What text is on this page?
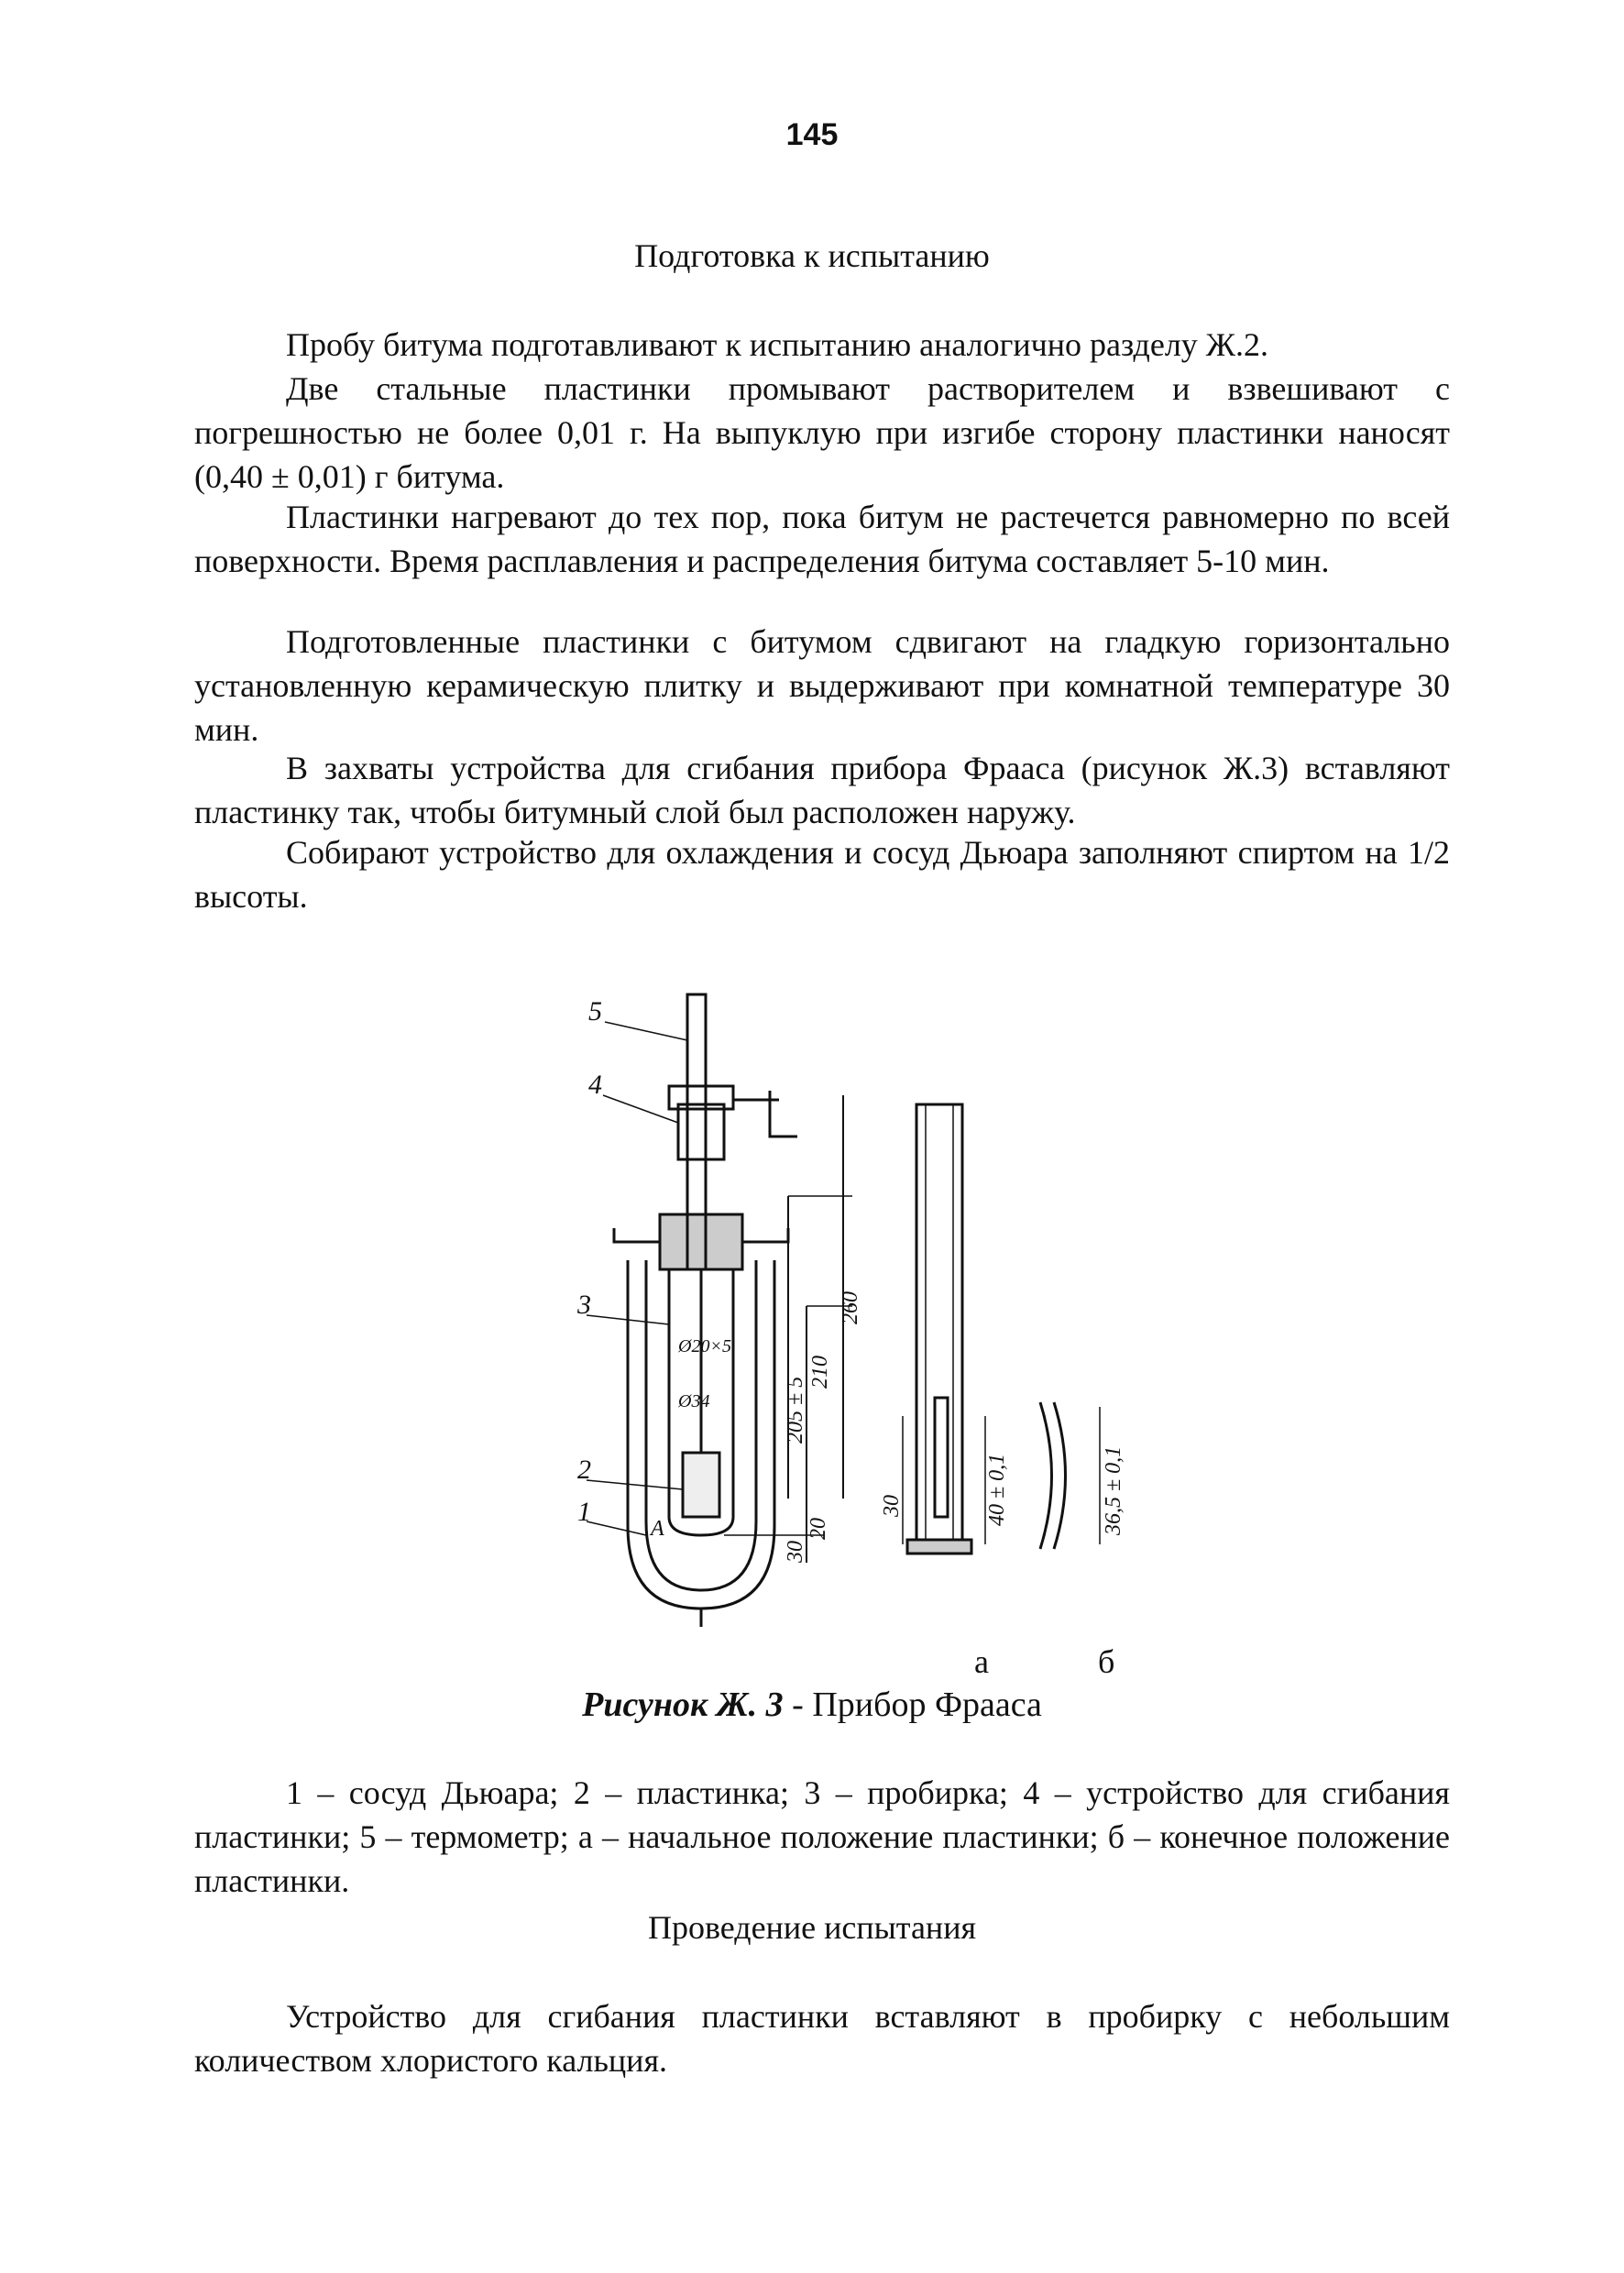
145
Подготовка к испытанию

Пробу битума подготавливают к испытанию аналогично разделу Ж.2.

Две стальные пластинки промывают растворителем и взвешивают с погрешностью не более 0,01 г. На выпуклую при изгибе сторону пластинки наносят (0,40 ± 0,01) г битума.

Пластинки нагревают до тех пор, пока битум не растечется равномерно по всей поверхности. Время расплавления и распределения битума составляет 5-10 мин.

Подготовленные пластинки с битумом сдвигают на гладкую горизонтально установленную керамическую плитку и выдерживают при комнатной температуре 30 мин.

В захваты устройства для сгибания прибора Фрааса (рисунок Ж.3) вставляют пластинку так, чтобы битумный слой был расположен наружу.

Собирают устройство для охлаждения и сосуд Дьюара заполняют спиртом на 1/2 высоты.

5
4
3
2
1
A
260
210
205 ± 5
30
20
30	40 ± 0,1	36,5 ± 0,1
Ø20×5
Ø34
а	б
Рисунок Ж. 3 - Прибор Фрааса

1 – сосуд Дьюара; 2 – пластинка; 3 – пробирка; 4 – устройство для сгибания пластинки; 5 – термометр; а – начальное положение пластинки; б – конечное положение пластинки.

Проведение испытания

Устройство для сгибания пластинки вставляют в пробирку с небольшим количеством хлористого кальция.
